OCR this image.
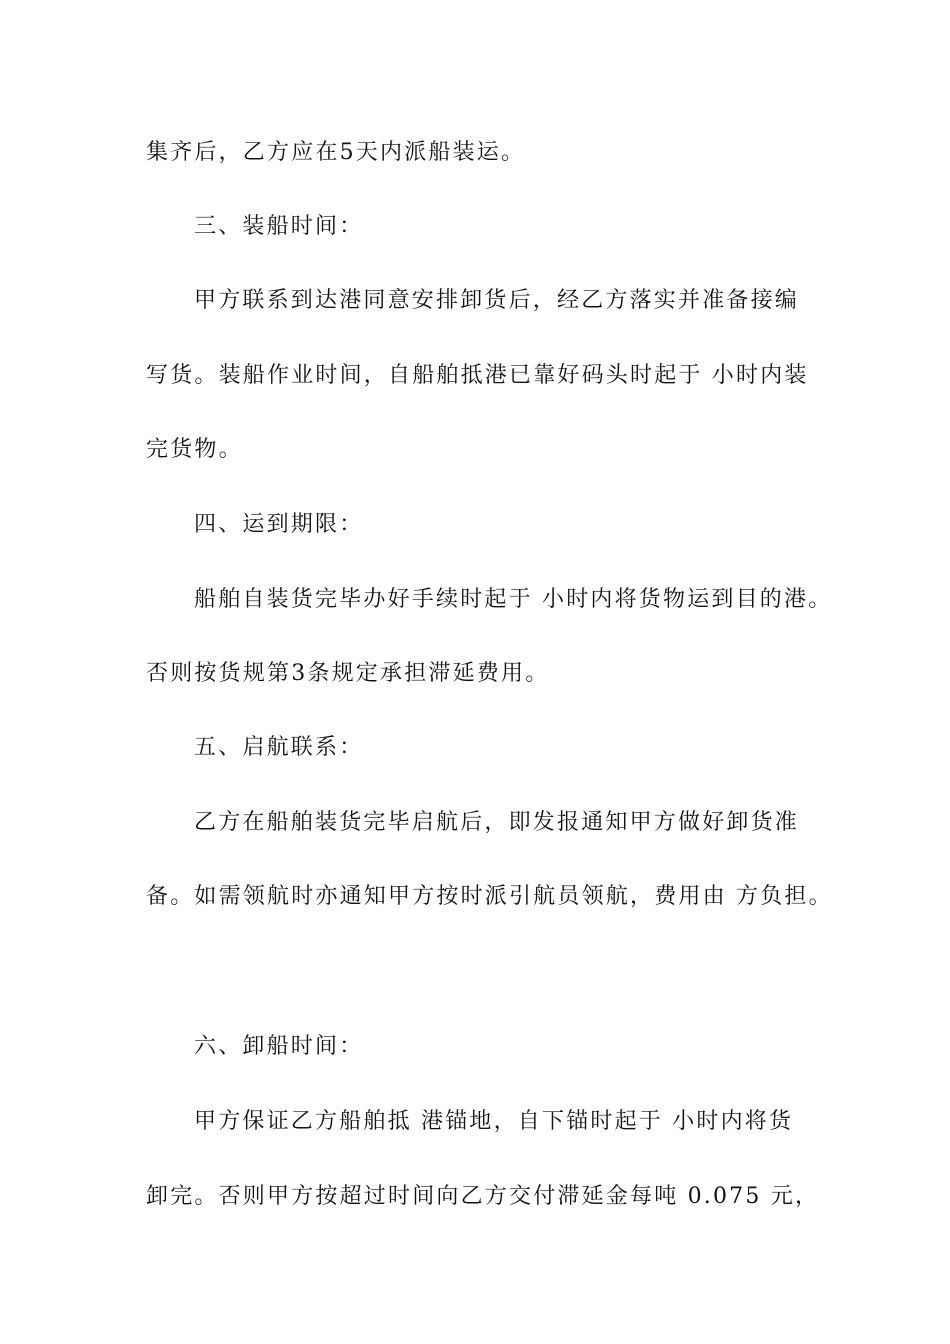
集齐后，乙方应在5天内派船装运。
三、装船时间：
甲方联系到达港同意安排卸货后，经乙方落实并准备接编
写货。装船作业时间，自船舶抵港已靠好码头时起于 小时内装
完货物。
四、运到期限：
船舶自装货完毕办好手续时起于 小时内将货物运到目的港。
否则按货规第3条规定承担滞延费用。
五、启航联系：
乙方在船舶装货完毕启航后，即发报通知甲方做好卸货准
备。如需领航时亦通知甲方按时派引航员领航，费用由 方负担。
六、卸船时间：
甲方保证乙方船舶抵 港锚地，自下锚时起于 小时内将货
卸完。否则甲方按超过时间向乙方交付滞延金每吨 0.075 元，
